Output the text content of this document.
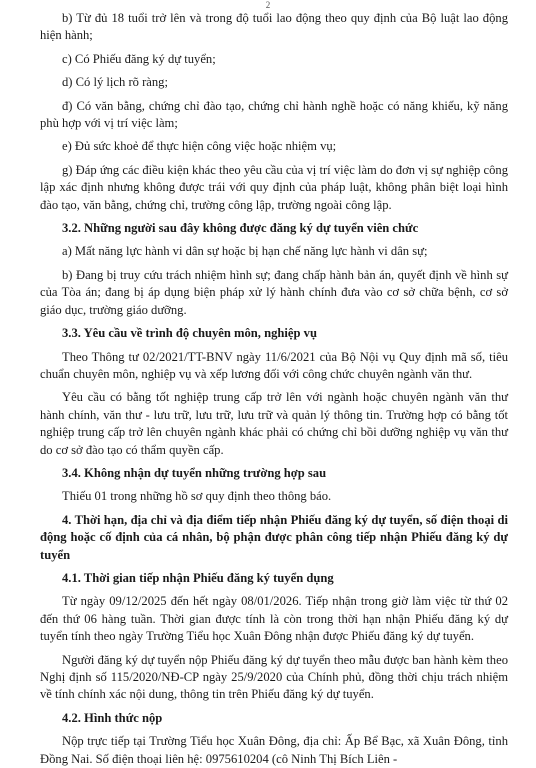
2

b) Từ đủ 18 tuổi trở lên và trong độ tuổi lao động theo quy định của Bộ luật lao động hiện hành;

c) Có Phiếu đăng ký dự tuyển;

d) Có lý lịch rõ ràng;

đ) Có văn bằng, chứng chỉ đào tạo, chứng chỉ hành nghề hoặc có năng khiếu, kỹ năng phù hợp với vị trí việc làm;

e) Đủ sức khoẻ để thực hiện công việc hoặc nhiệm vụ;

g) Đáp ứng các điều kiện khác theo yêu cầu của vị trí việc làm do đơn vị sự nghiệp công lập xác định nhưng không được trái với quy định của pháp luật, không phân biệt loại hình đào tạo, văn bằng, chứng chỉ, trường công lập, trường ngoài công lập.

3.2. Những người sau đây không được đăng ký dự tuyển viên chức

a) Mất năng lực hành vi dân sự hoặc bị hạn chế năng lực hành vi dân sự;

b) Đang bị truy cứu trách nhiệm hình sự; đang chấp hành bản án, quyết định về hình sự của Tòa án; đang bị áp dụng biện pháp xử lý hành chính đưa vào cơ sở chữa bệnh, cơ sở giáo dục, trường giáo dưỡng.

3.3. Yêu cầu về trình độ chuyên môn, nghiệp vụ

Theo Thông tư 02/2021/TT-BNV ngày 11/6/2021 của Bộ Nội vụ Quy định mã số, tiêu chuẩn chuyên môn, nghiệp vụ và xếp lương đối với công chức chuyên ngành văn thư.

Yêu cầu có bằng tốt nghiệp trung cấp trở lên với ngành hoặc chuyên ngành văn thư hành chính, văn thư - lưu trữ, lưu trữ, lưu trữ và quản lý thông tin. Trường hợp có bằng tốt nghiệp trung cấp trở lên chuyên ngành khác phải có chứng chỉ bồi dưỡng nghiệp vụ văn thư do cơ sở đào tạo có thẩm quyền cấp.

3.4. Không nhận dự tuyển những trường hợp sau

Thiếu 01 trong những hồ sơ quy định theo thông báo.

4. Thời hạn, địa chỉ và địa điểm tiếp nhận Phiếu đăng ký dự tuyển, số điện thoại di động hoặc cố định của cá nhân, bộ phận được phân công tiếp nhận Phiếu đăng ký dự tuyển

4.1. Thời gian tiếp nhận Phiếu đăng ký tuyển dụng

Từ ngày 09/12/2025 đến hết ngày 08/01/2026. Tiếp nhận trong giờ làm việc từ thứ 02 đến thứ 06 hàng tuần. Thời gian được tính là còn trong thời hạn nhận Phiếu đăng ký dự tuyển tính theo ngày Trường Tiểu học Xuân Đông nhận được Phiếu đăng ký dự tuyển.

Người đăng ký dự tuyển nộp Phiếu đăng ký dự tuyển theo mẫu được ban hành kèm theo Nghị định số 115/2020/NĐ-CP ngày 25/9/2020 của Chính phủ, đồng thời chịu trách nhiệm về tính chính xác nội dung, thông tin trên Phiếu đăng ký dự tuyển.

4.2. Hình thức nộp

Nộp trực tiếp tại Trường Tiểu học Xuân Đông, địa chỉ: Ấp Bể Bạc, xã Xuân Đông, tỉnh Đồng Nai. Số điện thoại liên hệ: 0975610204 (cô Ninh Thị Bích Liên -
